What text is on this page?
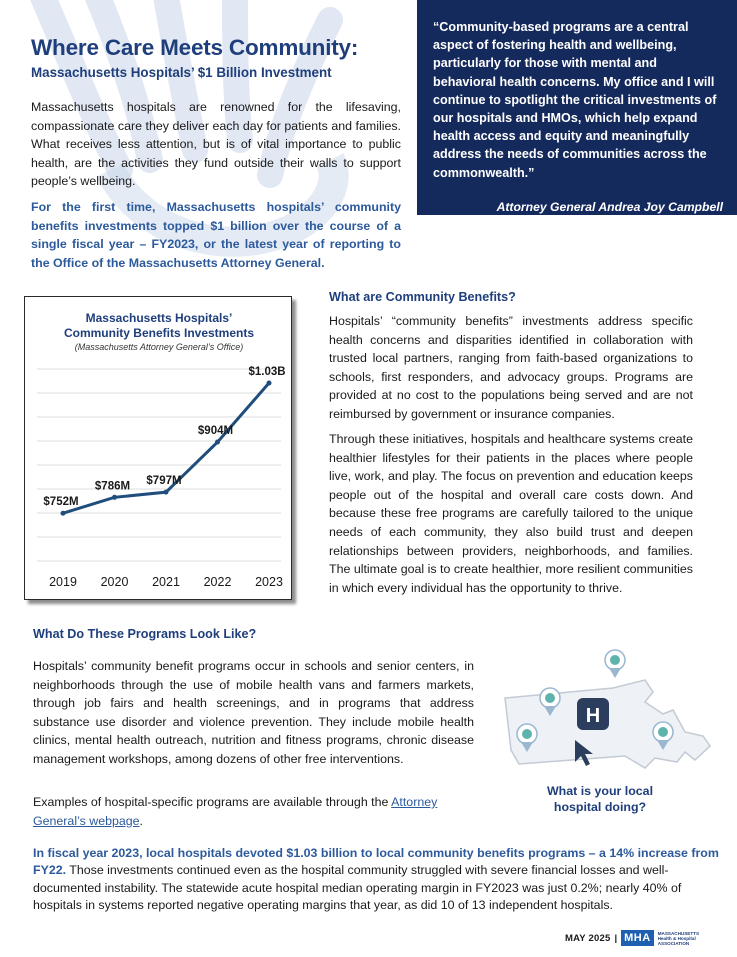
“Community-based programs are a central aspect of fostering health and wellbeing, particularly for those with mental and behavioral health concerns. My office and I will continue to spotlight the critical investments of our hospitals and HMOs, which help expand health access and equity and meaningfully address the needs of communities across the commonwealth.”
Attorney General Andrea Joy Campbell
Where Care Meets Community:
Massachusetts Hospitals’ $1 Billion Investment
Massachusetts hospitals are renowned for the lifesaving, compassionate care they deliver each day for patients and families. What receives less attention, but is of vital importance to public health, are the activities they fund outside their walls to support people’s wellbeing.
For the first time, Massachusetts hospitals’ community benefits investments topped $1 billion over the course of a single fiscal year – FY2023, or the latest year of reporting to the Office of the Massachusetts Attorney General.
Massachusetts Hospitals’
Community Benefits Investments
(Massachusetts Attorney General’s Office)
$752M
$786M $797M
$904M
$1.03B
2019 2020 2021 2022 2023
What are Community Benefits?
Hospitals’ “community benefits” investments address specific health concerns and disparities identified in collaboration with trusted local partners, ranging from faith-based organizations to schools, first responders, and advocacy groups. Programs are provided at no cost to the populations being served and are not reimbursed by government or insurance companies.
Through these initiatives, hospitals and healthcare systems create healthier lifestyles for their patients in the places where people live, work, and play. The focus on prevention and education keeps people out of the hospital and overall care costs down. And because these free programs are carefully tailored to the unique needs of each community, they also build trust and deepen relationships between providers, neighborhoods, and families. The ultimate goal is to create healthier, more resilient communities in which every individual has the opportunity to thrive.
What Do These Programs Look Like?
Hospitals’ community benefit programs occur in schools and senior centers, in neighborhoods through the use of mobile health vans and farmers markets, through job fairs and health screenings, and in programs that address substance use disorder and violence prevention. They include mobile health clinics, mental health outreach, nutrition and fitness programs, chronic disease management workshops, among dozens of other free interventions.
Examples of hospital-specific programs are available through the Attorney General’s webpage.
H
What is your local
hospital doing?
In fiscal year 2023, local hospitals devoted $1.03 billion to local community benefits programs – a 14% increase from FY22. Those investments continued even as the hospital community struggled with severe financial losses and well-documented instability. The statewide acute hospital median operating margin in FY2023 was just 0.2%; nearly 40% of hospitals in systems reported negative operating margins that year, as did 10 of 13 independent hospitals.
MAY 2025 | MHA	MASSACHUSETTS
Health & Hospital
ASSOCIATION
